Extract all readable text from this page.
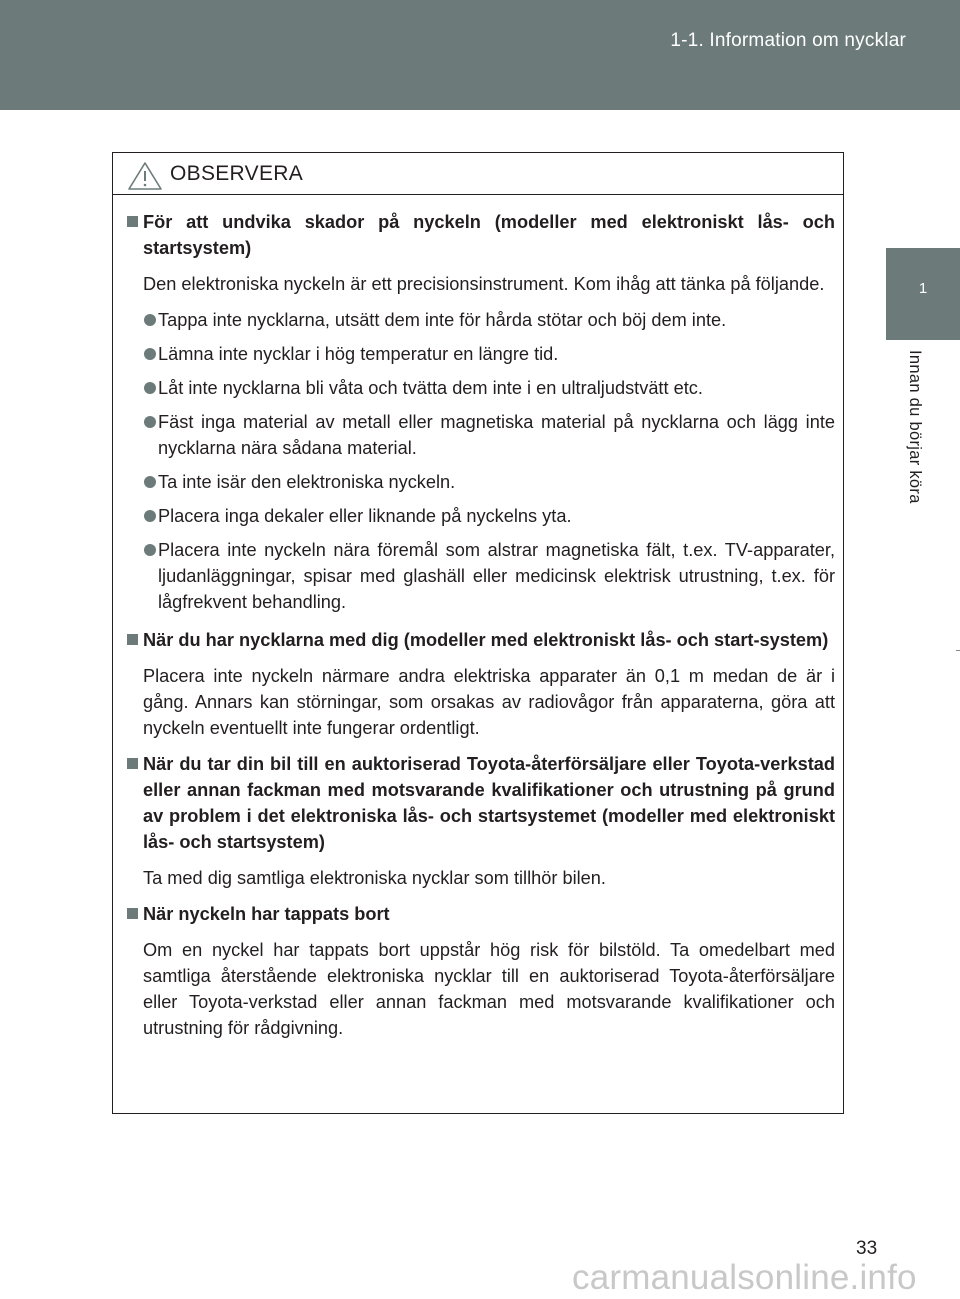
1-1. Information om nycklar
1
Innan du börjar köra
OBSERVERA
För att undvika skador på nyckeln (modeller med elektroniskt lås- och startsystem)
Den elektroniska nyckeln är ett precisionsinstrument. Kom ihåg att tänka på följande.
Tappa inte nycklarna, utsätt dem inte för hårda stötar och böj dem inte.
Lämna inte nycklar i hög temperatur en längre tid.
Låt inte nycklarna bli våta och tvätta dem inte i en ultraljudstvätt etc.
Fäst inga material av metall eller magnetiska material på nycklarna och lägg inte nycklarna nära sådana material.
Ta inte isär den elektroniska nyckeln.
Placera inga dekaler eller liknande på nyckelns yta.
Placera inte nyckeln nära föremål som alstrar magnetiska fält, t.ex. TV-apparater, ljudanläggningar, spisar med glashäll eller medicinsk elektrisk utrustning, t.ex. för lågfrekvent behandling.
När du har nycklarna med dig (modeller med elektroniskt lås- och start-system)
Placera inte nyckeln närmare andra elektriska apparater än 0,1 m medan de är i gång. Annars kan störningar, som orsakas av radiovågor från apparaterna, göra att nyckeln eventuellt inte fungerar ordentligt.
När du tar din bil till en auktoriserad Toyota-återförsäljare eller Toyota-verkstad eller annan fackman med motsvarande kvalifikationer och utrustning på grund av problem i det elektroniska lås- och startsystemet (modeller med elektroniskt lås- och startsystem)
Ta med dig samtliga elektroniska nycklar som tillhör bilen.
När nyckeln har tappats bort
Om en nyckel har tappats bort uppstår hög risk för bilstöld. Ta omedelbart med samtliga återstående elektroniska nycklar till en auktoriserad Toyota-återförsäljare eller Toyota-verkstad eller annan fackman med motsvarande kvalifikationer och utrustning för rådgivning.
33
carmanualsonline.info
